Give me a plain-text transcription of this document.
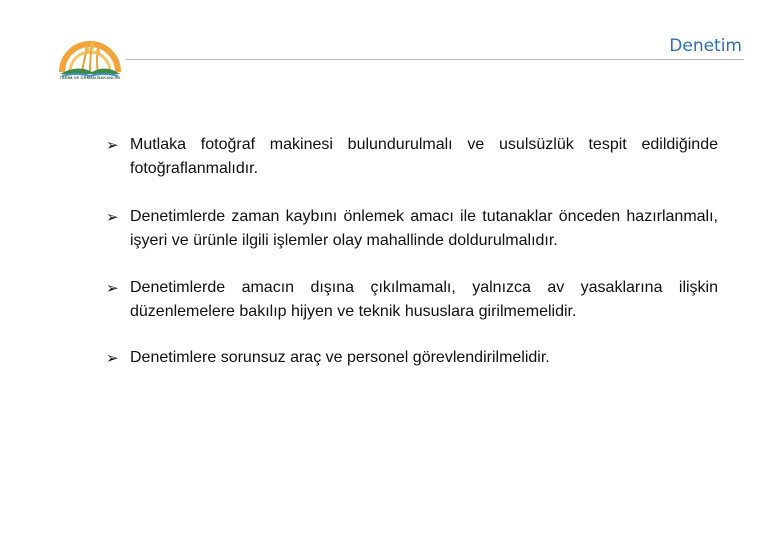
TARIM VE ORMAN BAKANLIĞI
Denetim
➢ Mutlaka fotoğraf makinesi bulundurulmalı ve usulsüzlük tespit edildiğinde fotoğraflanmalıdır.
➢ Denetimlerde zaman kaybını önlemek amacı ile tutanaklar önceden hazırlanmalı, işyeri ve ürünle ilgili işlemler olay mahallinde doldurulmalıdır.
➢ Denetimlerde amacın dışına çıkılmamalı, yalnızca av yasaklarına ilişkin düzenlemelere bakılıp hijyen ve teknik hususlara girilmemelidir.
➢ Denetimlere sorunsuz araç ve personel görevlendirilmelidir.
